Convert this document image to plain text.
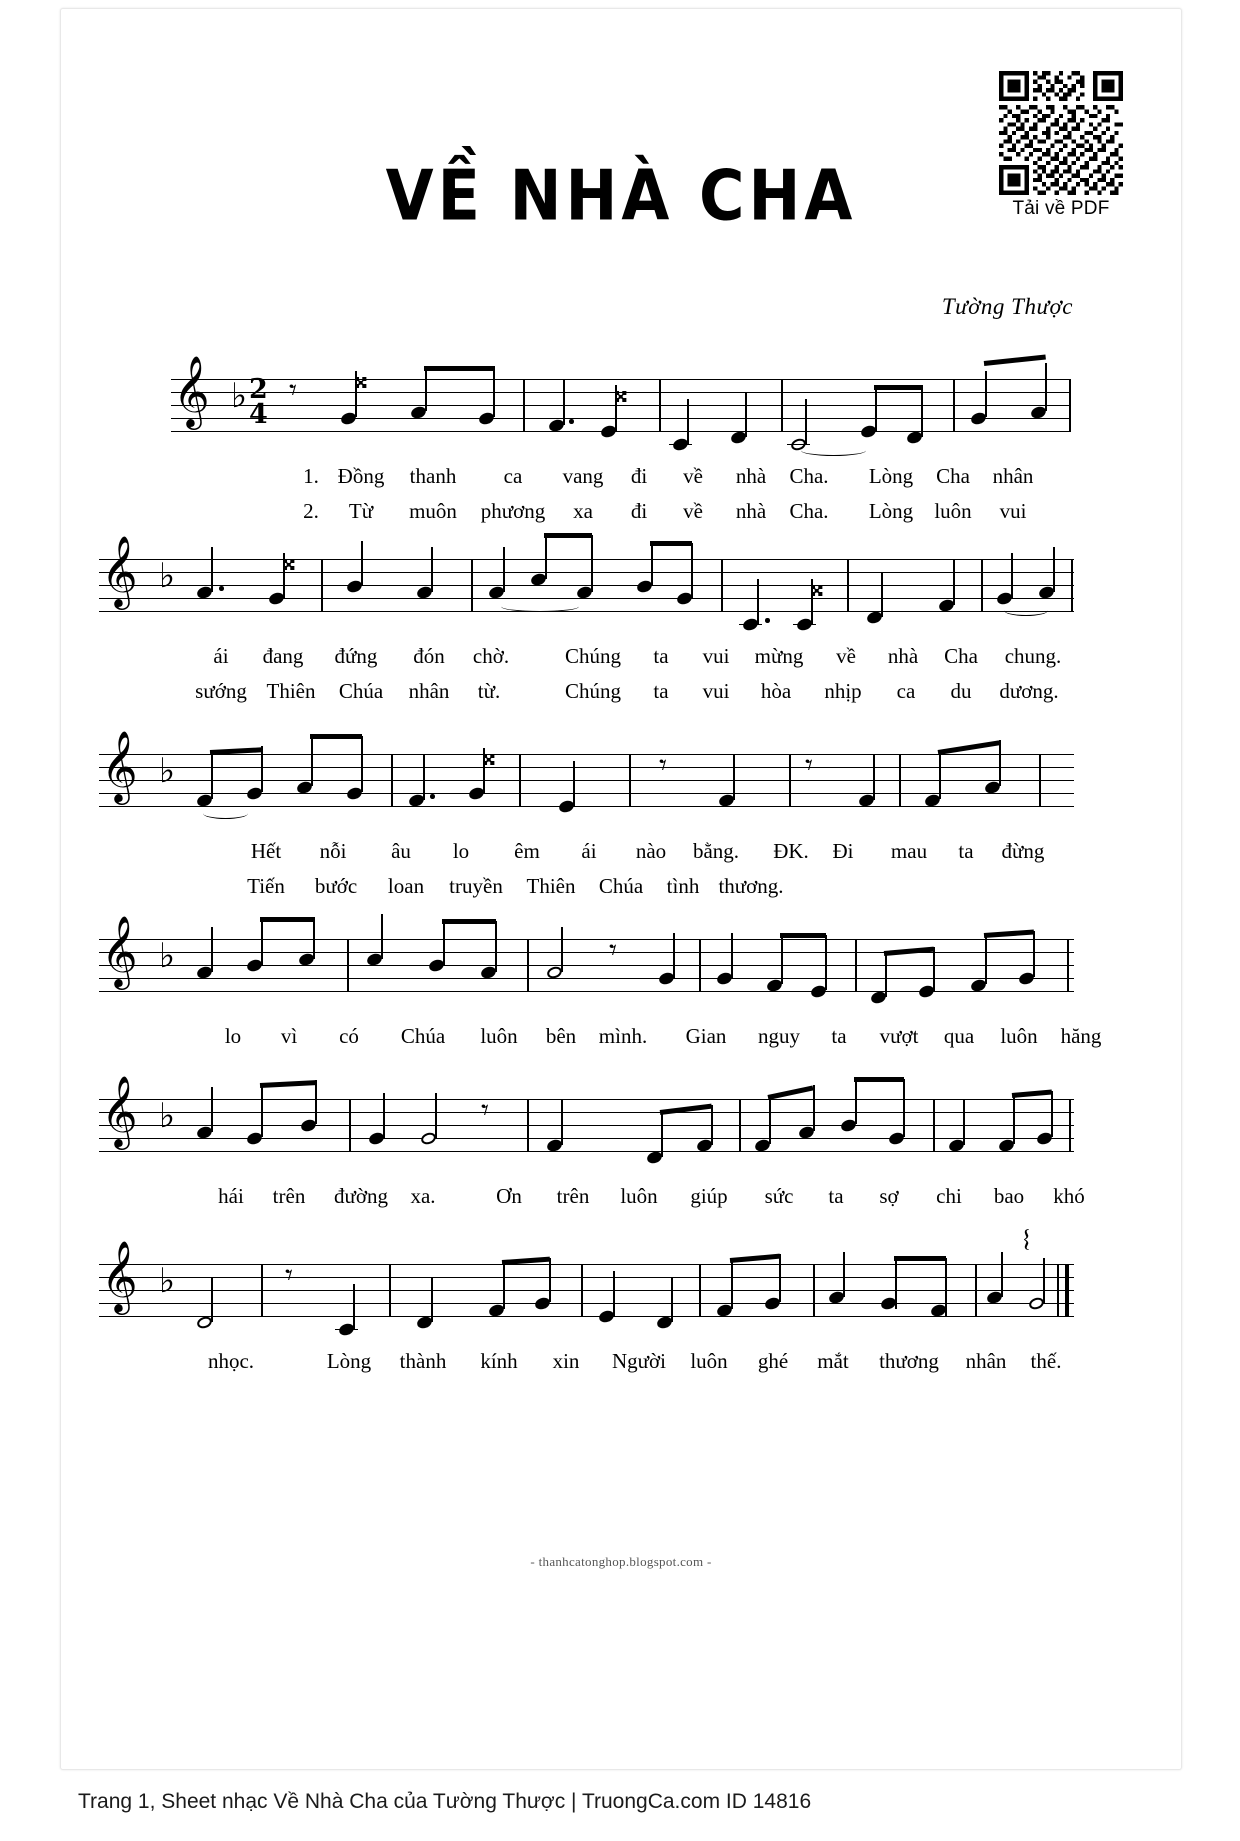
Tải về PDF
VỀ NHÀ CHA
Tường Thược
𝄞 ♭ 2
4
𝄾 𝄪	𝄪
1. Đồng thanh ca vang đi về nhà Cha. Lòng Cha nhân
2. Từ muôn phương xa đi về nhà Cha. Lòng luôn vui
𝄞 ♭	𝄪
𝄪
ái đang đứng đón chờ.	Chúng ta vui mừng về nhà Cha chung.
sướng Thiên Chúa nhân từ.	Chúng ta vui hòa nhịp ca du dương.
𝄞 ♭	𝄪	𝄾	𝄾
Hết nỗi âu lo êm ái nào bằng. ĐK. Đi mau ta đừng
Tiến bước loan truyền Thiên Chúa tình thương.
𝄞 ♭	𝄾
lo vì có Chúa luôn bên mình. Gian nguy ta vượt qua luôn hăng
𝄞 ♭	𝄾
hái trên đường xa.	Ơn trên luôn giúp sức ta sợ chi bao khó
𝄞 ♭	𝄾
𝄔
nhọc.	Lòng thành kính xin Người luôn ghé mắt thương nhân thế.
- thanhcatonghop.blogspot.com -
Trang 1, Sheet nhạc Về Nhà Cha của Tường Thược | TruongCa.com ID 14816
